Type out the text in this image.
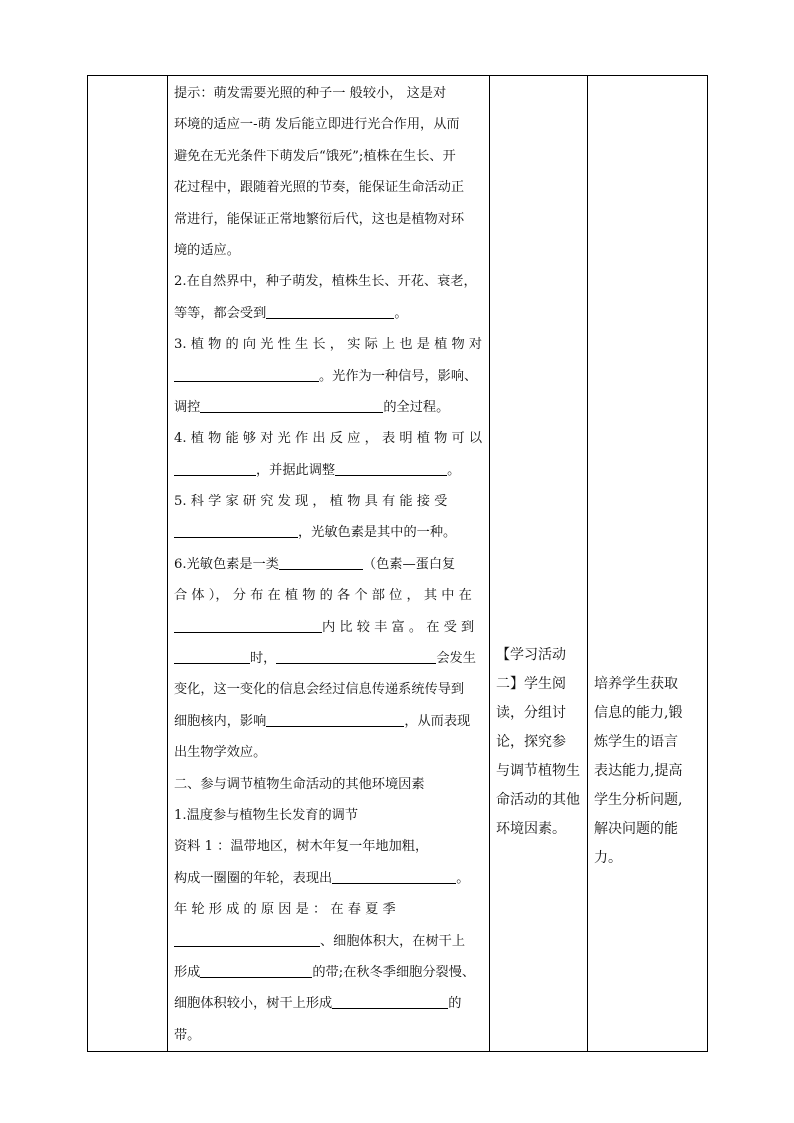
提示：萌发需要光照的种子一 般较小， 这是对
环境的适应一-萌 发后能立即进行光合作用，从而
避免在无光条件下萌发后“饿死”;植株在生长、开
花过程中，跟随着光照的节奏，能保证生命活动正
常进行，能保证正常地繁衍后代，这也是植物对环
境的适应。
2.在自然界中，种子萌发，植株生长、开花、衰老，
等等，都会受到	。
3. 植 物 的 向 光 性 生 长 ， 实 际 上 也 是 植 物 对
。光作为一种信号，影响、
调控	的全过程。
4. 植 物 能 够 对 光 作 出 反 应 ， 表 明 植 物 可 以
，并据此调整	。
5. 科 学 家 研 究 发 现 ， 植 物 具 有 能 接 受
，光敏色素是其中的一种。
6.光敏色素是一类	（色素—蛋白复
合 体 ）， 分 布 在 植 物 的 各 个 部 位 ， 其 中 在
内 比 较 丰 富 。 在 受 到
时，	会发生
变化，这一变化的信息会经过信息传递系统传导到
细胞核内，影响	，从而表现
出生物学效应。
二、参与调节植物生命活动的其他环境因素
1.温度参与植物生长发育的调节
资料 1 ：温带地区，树木年复一年地加粗，
构成一圈圈的年轮，表现出	。
年 轮 形 成 的 原 因 是 ： 在 春 夏 季
、细胞体积大，在树干上
形成	的带;在秋冬季细胞分裂慢、
细胞体积较小，树干上形成	的
带。

【学习活动
二】学生阅
读，分组讨
论，探究参
与调节植物生
命活动的其他
环境因素。

培养学生获取
信息的能力,锻
炼学生的语言
表达能力,提高
学生分析问题,
解决问题的能
力。
